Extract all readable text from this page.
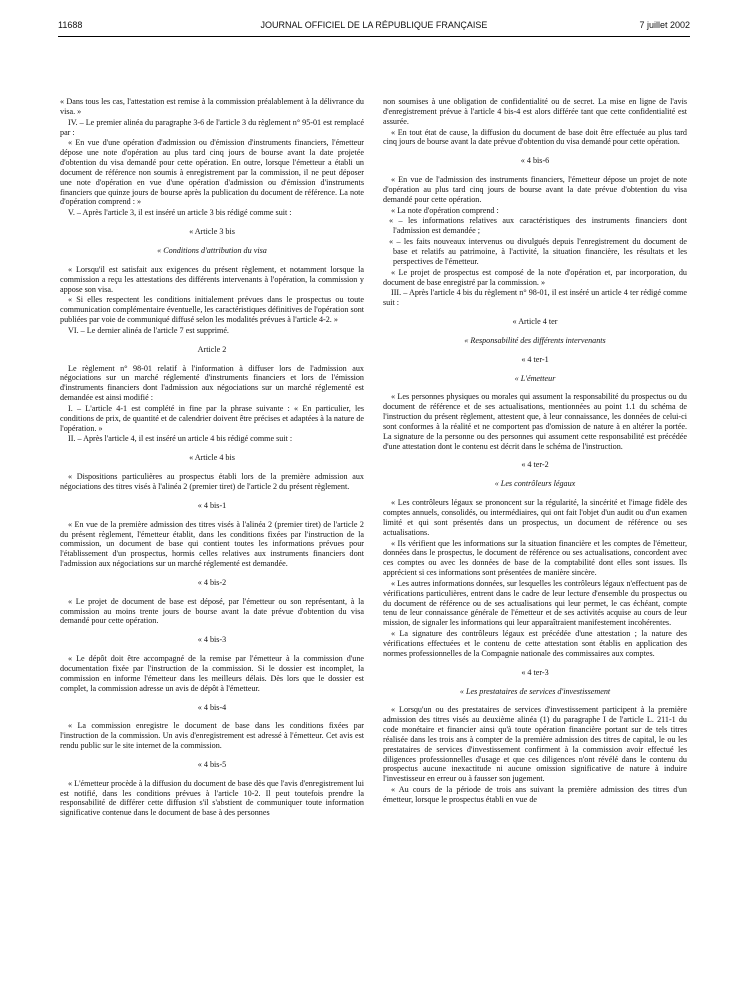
11688	JOURNAL OFFICIEL DE LA RÉPUBLIQUE FRANÇAISE	7 juillet 2002

« Dans tous les cas, l'attestation est remise à la commission préalablement à la délivrance du visa. »

IV. – Le premier alinéa du paragraphe 3-6 de l'article 3 du règlement n° 95-01 est remplacé par :

« En vue d'une opération d'admission ou d'émission d'instruments financiers, l'émetteur dépose une note d'opération au plus tard cinq jours de bourse avant la date projetée d'obtention du visa demandé pour cette opération. En outre, lorsque l'émetteur a établi un document de référence non soumis à enregistrement par la commission, il ne peut déposer une note d'opération en vue d'une opération d'admission ou d'émission d'instruments financiers que quinze jours de bourse après la publication du document de référence. La note d'opération comprend : »

V. – Après l'article 3, il est inséré un article 3 bis rédigé comme suit :

« Article 3 bis

« Conditions d'attribution du visa

« Lorsqu'il est satisfait aux exigences du présent règlement, et notamment lorsque la commission a reçu les attestations des différents intervenants à l'opération, la commission y appose son visa.

« Si elles respectent les conditions initialement prévues dans le prospectus ou toute communication complémentaire éventuelle, les caractéristiques définitives de l'opération sont publiées par voie de communiqué diffusé selon les modalités prévues à l'article 4-2. »

VI. – Le dernier alinéa de l'article 7 est supprimé.

Article 2

Le règlement n° 98-01 relatif à l'information à diffuser lors de l'admission aux négociations sur un marché réglementé d'instruments financiers et lors de l'émission d'instruments financiers dont l'admission aux négociations sur un marché réglementé est demandée est ainsi modifié :

I. – L'article 4-1 est complété in fine par la phrase suivante : « En particulier, les conditions de prix, de quantité et de calendrier doivent être précises et adaptées à la nature de l'opération. »

II. – Après l'article 4, il est inséré un article 4 bis rédigé comme suit :

« Article 4 bis

« Dispositions particulières au prospectus établi lors de la première admission aux négociations des titres visés à l'alinéa 2 (premier tiret) de l'article 2 du présent règlement.

« 4 bis-1

« En vue de la première admission des titres visés à l'alinéa 2 (premier tiret) de l'article 2 du présent règlement, l'émetteur établit, dans les conditions fixées par l'instruction de la commission, un document de base qui contient toutes les informations prévues pour l'établissement d'un prospectus, hormis celles relatives aux instruments financiers dont l'admission aux négociations sur un marché réglementé est demandée.

« 4 bis-2

« Le projet de document de base est déposé, par l'émetteur ou son représentant, à la commission au moins trente jours de bourse avant la date prévue d'obtention du visa demandé pour cette opération.

« 4 bis-3

« Le dépôt doit être accompagné de la remise par l'émetteur à la commission d'une documentation fixée par l'instruction de la commission. Si le dossier est incomplet, la commission en informe l'émetteur dans les meilleurs délais. Dès lors que le dossier est complet, la commission adresse un avis de dépôt à l'émetteur.

« 4 bis-4

« La commission enregistre le document de base dans les conditions fixées par l'instruction de la commission. Un avis d'enregistrement est adressé à l'émetteur. Cet avis est rendu public sur le site internet de la commission.

« 4 bis-5

« L'émetteur procède à la diffusion du document de base dès que l'avis d'enregistrement lui est notifié, dans les conditions prévues à l'article 10-2. Il peut toutefois prendre la responsabilité de différer cette diffusion s'il s'abstient de communiquer toute information significative contenue dans le document de base à des personnes

non soumises à une obligation de confidentialité ou de secret. La mise en ligne de l'avis d'enregistrement prévue à l'article 4 bis-4 est alors différée tant que cette confidentialité est assurée.

« En tout état de cause, la diffusion du document de base doit être effectuée au plus tard cinq jours de bourse avant la date prévue d'obtention du visa demandé pour cette opération.

« 4 bis-6

« En vue de l'admission des instruments financiers, l'émetteur dépose un projet de note d'opération au plus tard cinq jours de bourse avant la date prévue d'obtention du visa demandé pour cette opération.

« La note d'opération comprend :

« – les informations relatives aux caractéristiques des instruments financiers dont l'admission est demandée ;

« – les faits nouveaux intervenus ou divulgués depuis l'enregistrement du document de base et relatifs au patrimoine, à l'activité, la situation financière, les résultats et les perspectives de l'émetteur.

« Le projet de prospectus est composé de la note d'opération et, par incorporation, du document de base enregistré par la commission. »

III. – Après l'article 4 bis du règlement n° 98-01, il est inséré un article 4 ter rédigé comme suit :

« Article 4 ter

« Responsabilité des différents intervenants

« 4 ter-1

« L'émetteur

« Les personnes physiques ou morales qui assument la responsabilité du prospectus ou du document de référence et de ses actualisations, mentionnées au point 1.1 du schéma de l'instruction du présent règlement, attestent que, à leur connaissance, les données de celui-ci sont conformes à la réalité et ne comportent pas d'omission de nature à en altérer la portée. La signature de la personne ou des personnes qui assument cette responsabilité est précédée d'une attestation dont le contenu est décrit dans le schéma de l'instruction.

« 4 ter-2

« Les contrôleurs légaux

« Les contrôleurs légaux se prononcent sur la régularité, la sincérité et l'image fidèle des comptes annuels, consolidés, ou intermédiaires, qui ont fait l'objet d'un audit ou d'un examen limité et qui sont présentés dans un prospectus, un document de référence ou ses actualisations.

« Ils vérifient que les informations sur la situation financière et les comptes de l'émetteur, données dans le prospectus, le document de référence ou ses actualisations, concordent avec ces comptes ou avec les données de base de la comptabilité dont elles sont issues. Ils apprécient si ces informations sont présentées de manière sincère.

« Les autres informations données, sur lesquelles les contrôleurs légaux n'effectuent pas de vérifications particulières, entrent dans le cadre de leur lecture d'ensemble du prospectus ou du document de référence ou de ses actualisations qui leur permet, le cas échéant, compte tenu de leur connaissance générale de l'émetteur et de ses activités acquise au cours de leur mission, de signaler les informations qui leur apparaîtraient manifestement incohérentes.

« La signature des contrôleurs légaux est précédée d'une attestation ; la nature des vérifications effectuées et le contenu de cette attestation sont établis en application des normes professionnelles de la Compagnie nationale des commissaires aux comptes.

« 4 ter-3

« Les prestataires de services d'investissement

« Lorsqu'un ou des prestataires de services d'investissement participent à la première admission des titres visés au deuxième alinéa (1) du paragraphe I de l'article L. 211-1 du code monétaire et financier ainsi qu'à toute opération financière portant sur de tels titres réalisée dans les trois ans à compter de la première admission des titres de capital, le ou les prestataires de services d'investissement confirment à la commission avoir effectué les diligences professionnelles d'usage et que ces diligences n'ont révélé dans le contenu du prospectus aucune inexactitude ni aucune omission significative de nature à induire l'investisseur en erreur ou à fausser son jugement.

« Au cours de la période de trois ans suivant la première admission des titres d'un émetteur, lorsque le prospectus établi en vue de
